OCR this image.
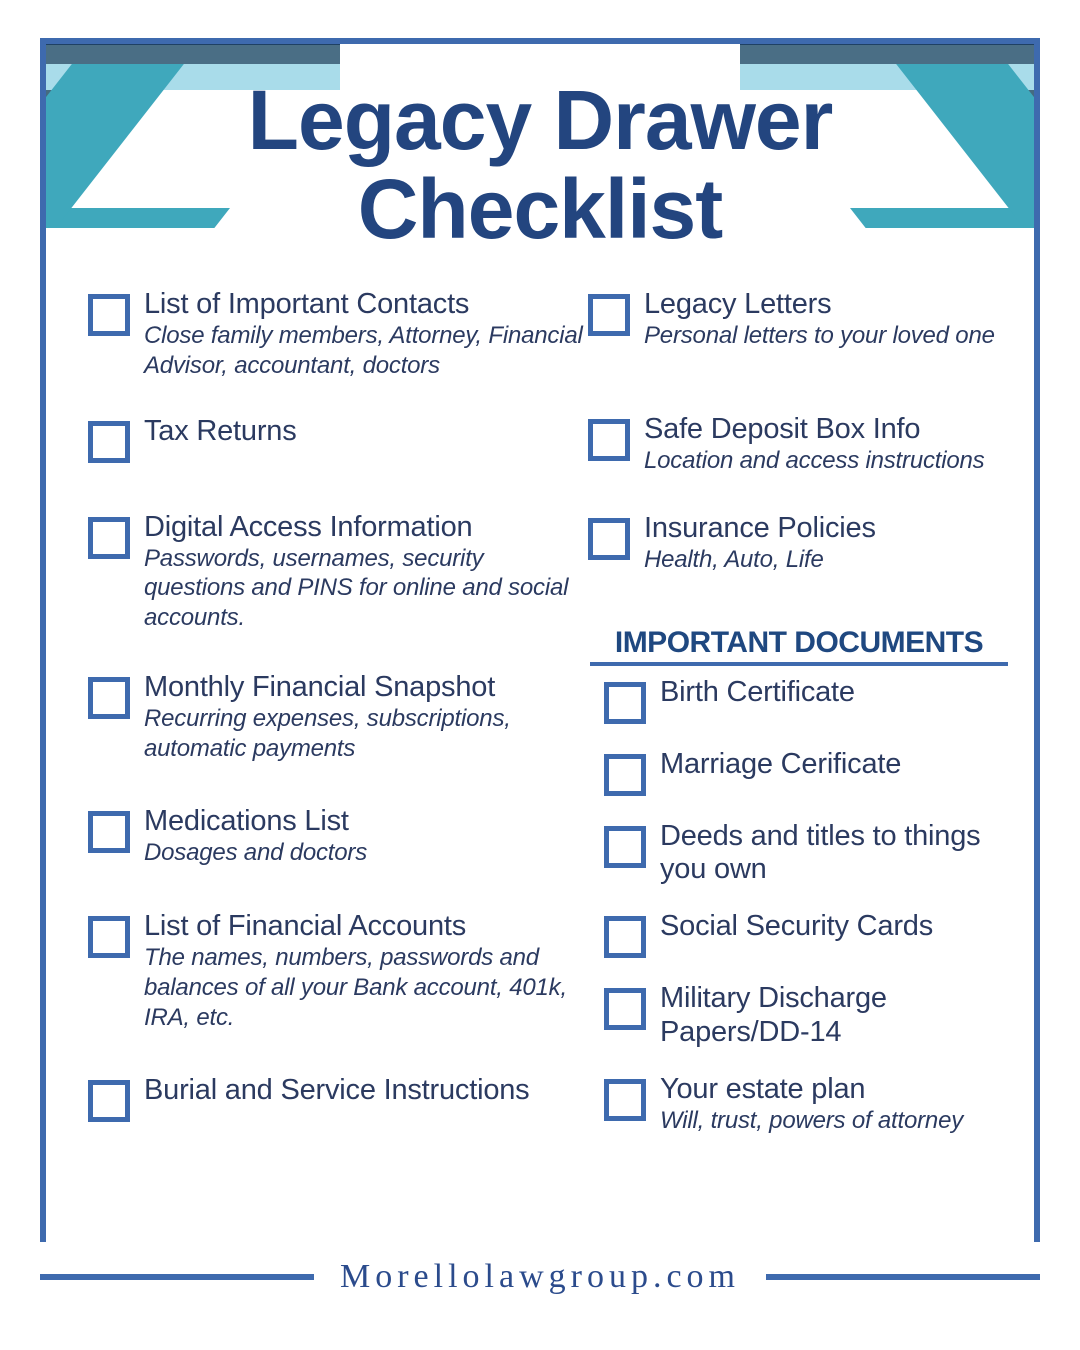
Legacy Drawer
Checklist
List of Important Contacts
Close family members, Attorney, Financial Advisor, accountant, doctors
Tax Returns
Digital Access Information
Passwords, usernames, security questions and PINS for online and social accounts.
Monthly Financial Snapshot
Recurring expenses, subscriptions, automatic payments
Medications List
Dosages and doctors
List of Financial Accounts
The names, numbers, passwords and balances of all your Bank account, 401k, IRA, etc.
Burial and Service Instructions
Legacy Letters
Personal letters to your loved one
Safe Deposit Box Info
Location and access instructions
Insurance Policies
Health, Auto, Life
IMPORTANT DOCUMENTS
Birth Certificate
Marriage Cerificate
Deeds and titles to things you own
Social Security Cards
Military Discharge Papers/DD-14
Your estate plan
Will, trust, powers of attorney
Morellolawgroup.com
